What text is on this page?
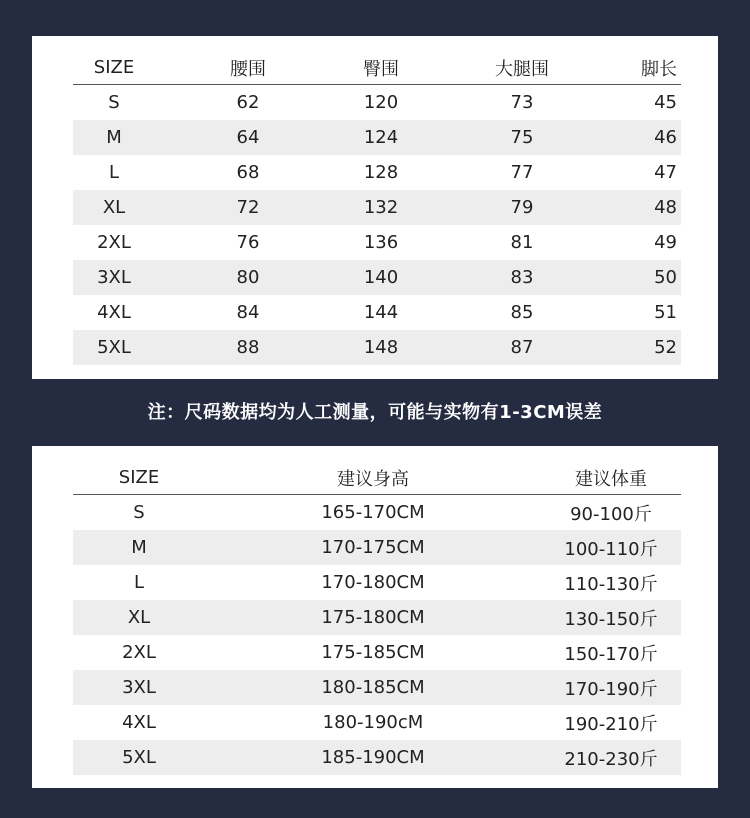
SIZE	腰围	臀围	大腿围	脚长
S	62	120	73	45
M	64	124	75	46
L	68	128	77	47
XL	72	132	79	48
2XL	76	136	81	49
3XL	80	140	83	50
4XL	84	144	85	51
5XL	88	148	87	52
注：尺码数据均为人工测量，可能与实物有1-3CM误差
SIZE	建议身高	建议体重
S	165-170CM	90-100斤
M	170-175CM	100-110斤
L	170-180CM	110-130斤
XL	175-180CM	130-150斤
2XL	175-185CM	150-170斤
3XL	180-185CM	170-190斤
4XL	180-190cM	190-210斤
5XL	185-190CM	210-230斤
